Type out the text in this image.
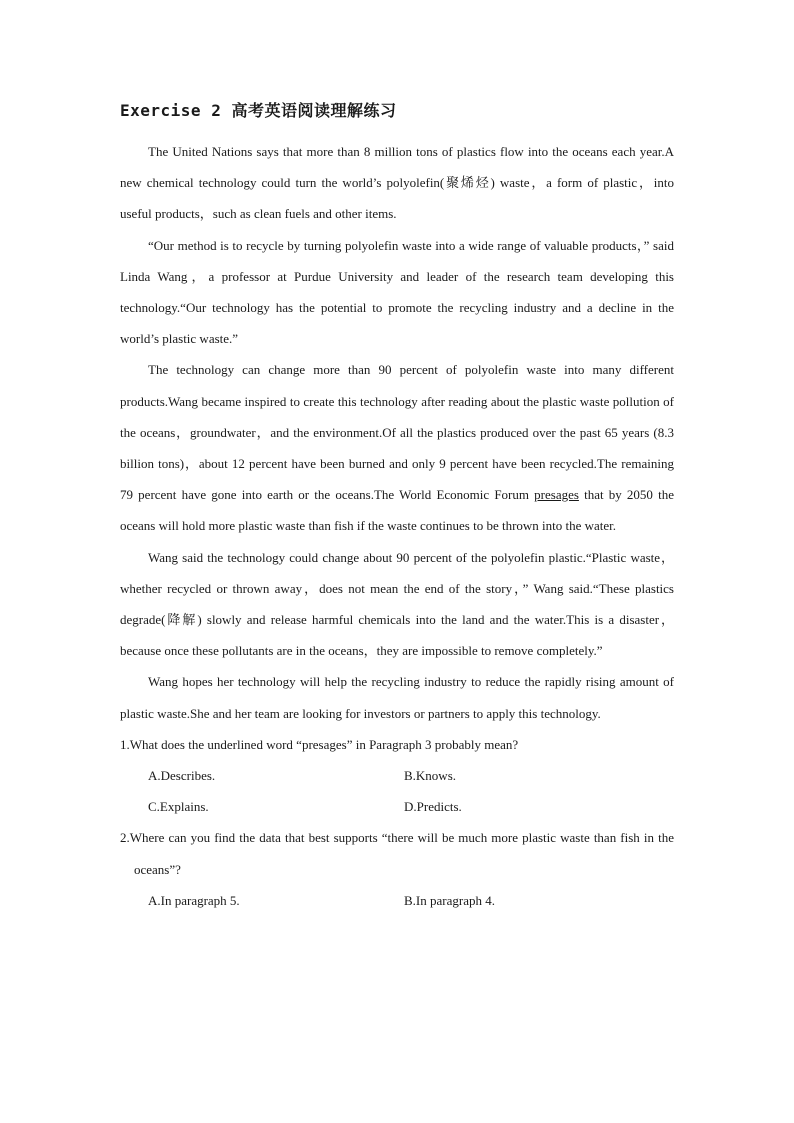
Exercise 2 高考英语阅读理解练习

The United Nations says that more than 8 million tons of plastics flow into the oceans each year.A new chemical technology could turn the world’s polyolefin(聚烯烃) waste，a form of plastic，into useful products，such as clean fuels and other items.

“Our method is to recycle by turning polyolefin waste into a wide range of valuable products，” said Linda Wang，a professor at Purdue University and leader of the research team developing this technology.“Our technology has the potential to promote the recycling industry and a decline in the world’s plastic waste.”

The technology can change more than 90 percent of polyolefin waste into many different products.Wang became inspired to create this technology after reading about the plastic waste pollution of the oceans，groundwater，and the environment.Of all the plastics produced over the past 65 years (8.3 billion tons)，about 12 percent have been burned and only 9 percent have been recycled.The remaining 79 percent have gone into earth or the oceans.The World Economic Forum presages that by 2050 the oceans will hold more plastic waste than fish if the waste continues to be thrown into the water.

Wang said the technology could change about 90 percent of the polyolefin plastic.“Plastic waste，whether recycled or thrown away，does not mean the end of the story，” Wang said.“These plastics degrade(降解) slowly and release harmful chemicals into the land and the water.This is a disaster，because once these pollutants are in the oceans，they are impossible to remove completely.”

Wang hopes her technology will help the recycling industry to reduce the rapidly rising amount of plastic waste.She and her team are looking for investors or partners to apply this technology.

1.What does the underlined word “presages” in Paragraph 3 probably mean?

A.Describes.	B.Knows.
C.Explains.	D.Predicts.

2.Where can you find the data that best supports “there will be much more plastic waste than fish in the oceans”?

A.In paragraph 5.	B.In paragraph 4.
